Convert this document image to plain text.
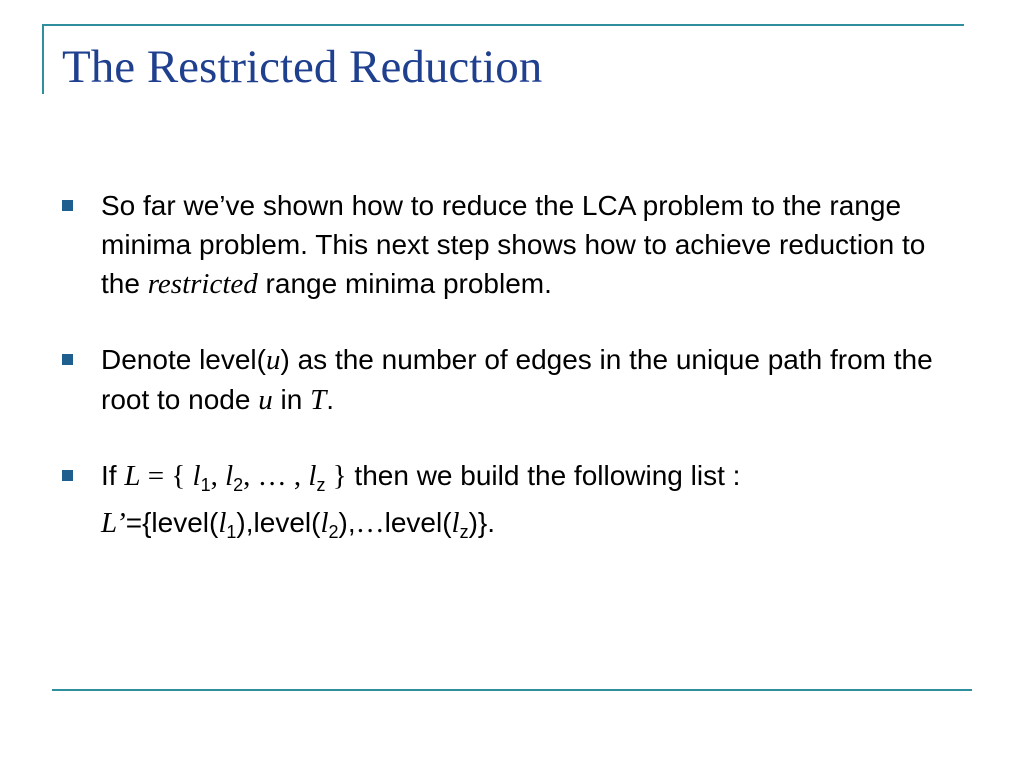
The Restricted Reduction
So far we’ve shown how to reduce the LCA problem to the range minima problem. This next step shows how to achieve reduction to the restricted range minima problem.
Denote level(u) as the number of edges in the unique path from the root to node u in T.
If L = { $l_1$, $l_2$, … , $l_z$ } then we build the following list :
$L’=\{level(l_1),level(l_2),\dots level(l_z)\}$.
